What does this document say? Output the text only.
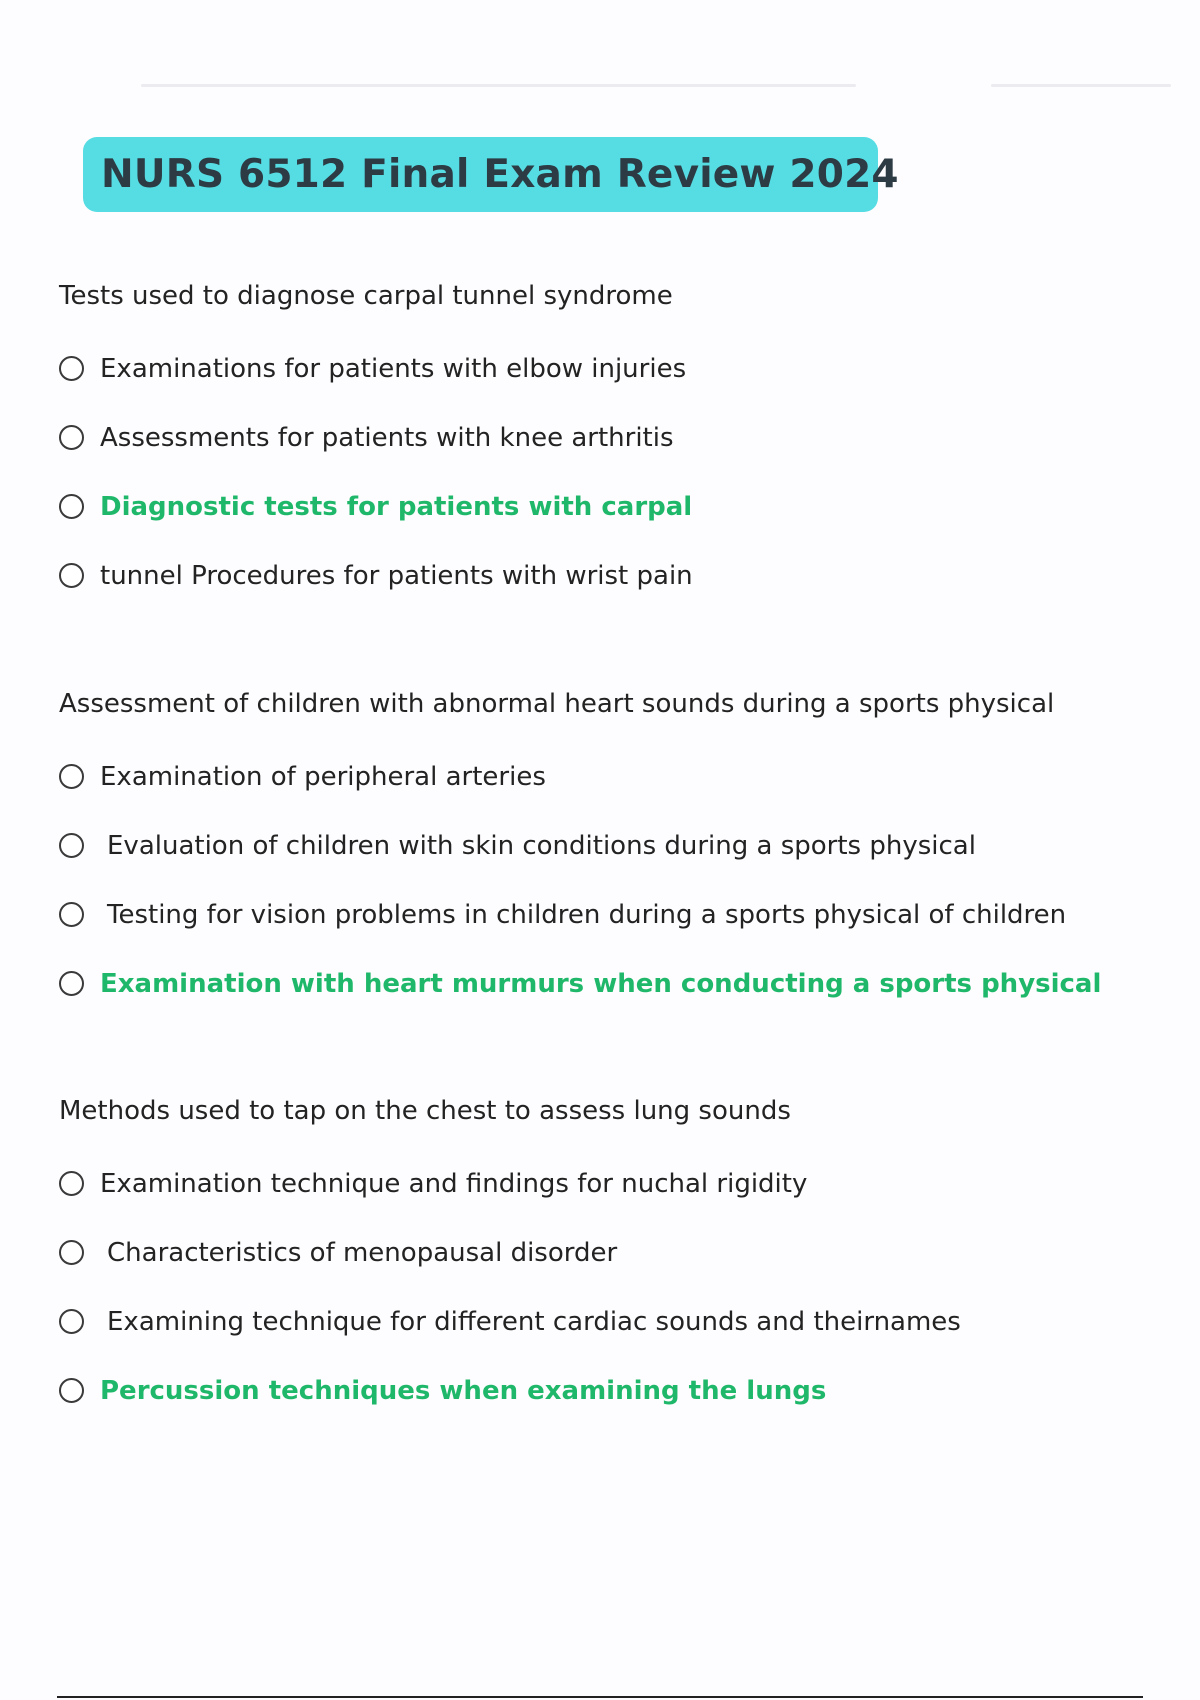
NURS 6512 Final Exam Review 2024
Tests used to diagnose carpal tunnel syndrome
Examinations for patients with elbow injuries
Assessments for patients with knee arthritis
Diagnostic tests for patients with carpal
tunnel Procedures for patients with wrist pain
Assessment of children with abnormal heart sounds during a sports physical
Examination of peripheral arteries
Evaluation of children with skin conditions during a sports physical
Testing for vision problems in children during a sports physical of children
Examination with heart murmurs when conducting a sports physical
Methods used to tap on the chest to assess lung sounds
Examination technique and findings for nuchal rigidity
Characteristics of menopausal disorder
Examining technique for different cardiac sounds and theirnames
Percussion techniques when examining the lungs
